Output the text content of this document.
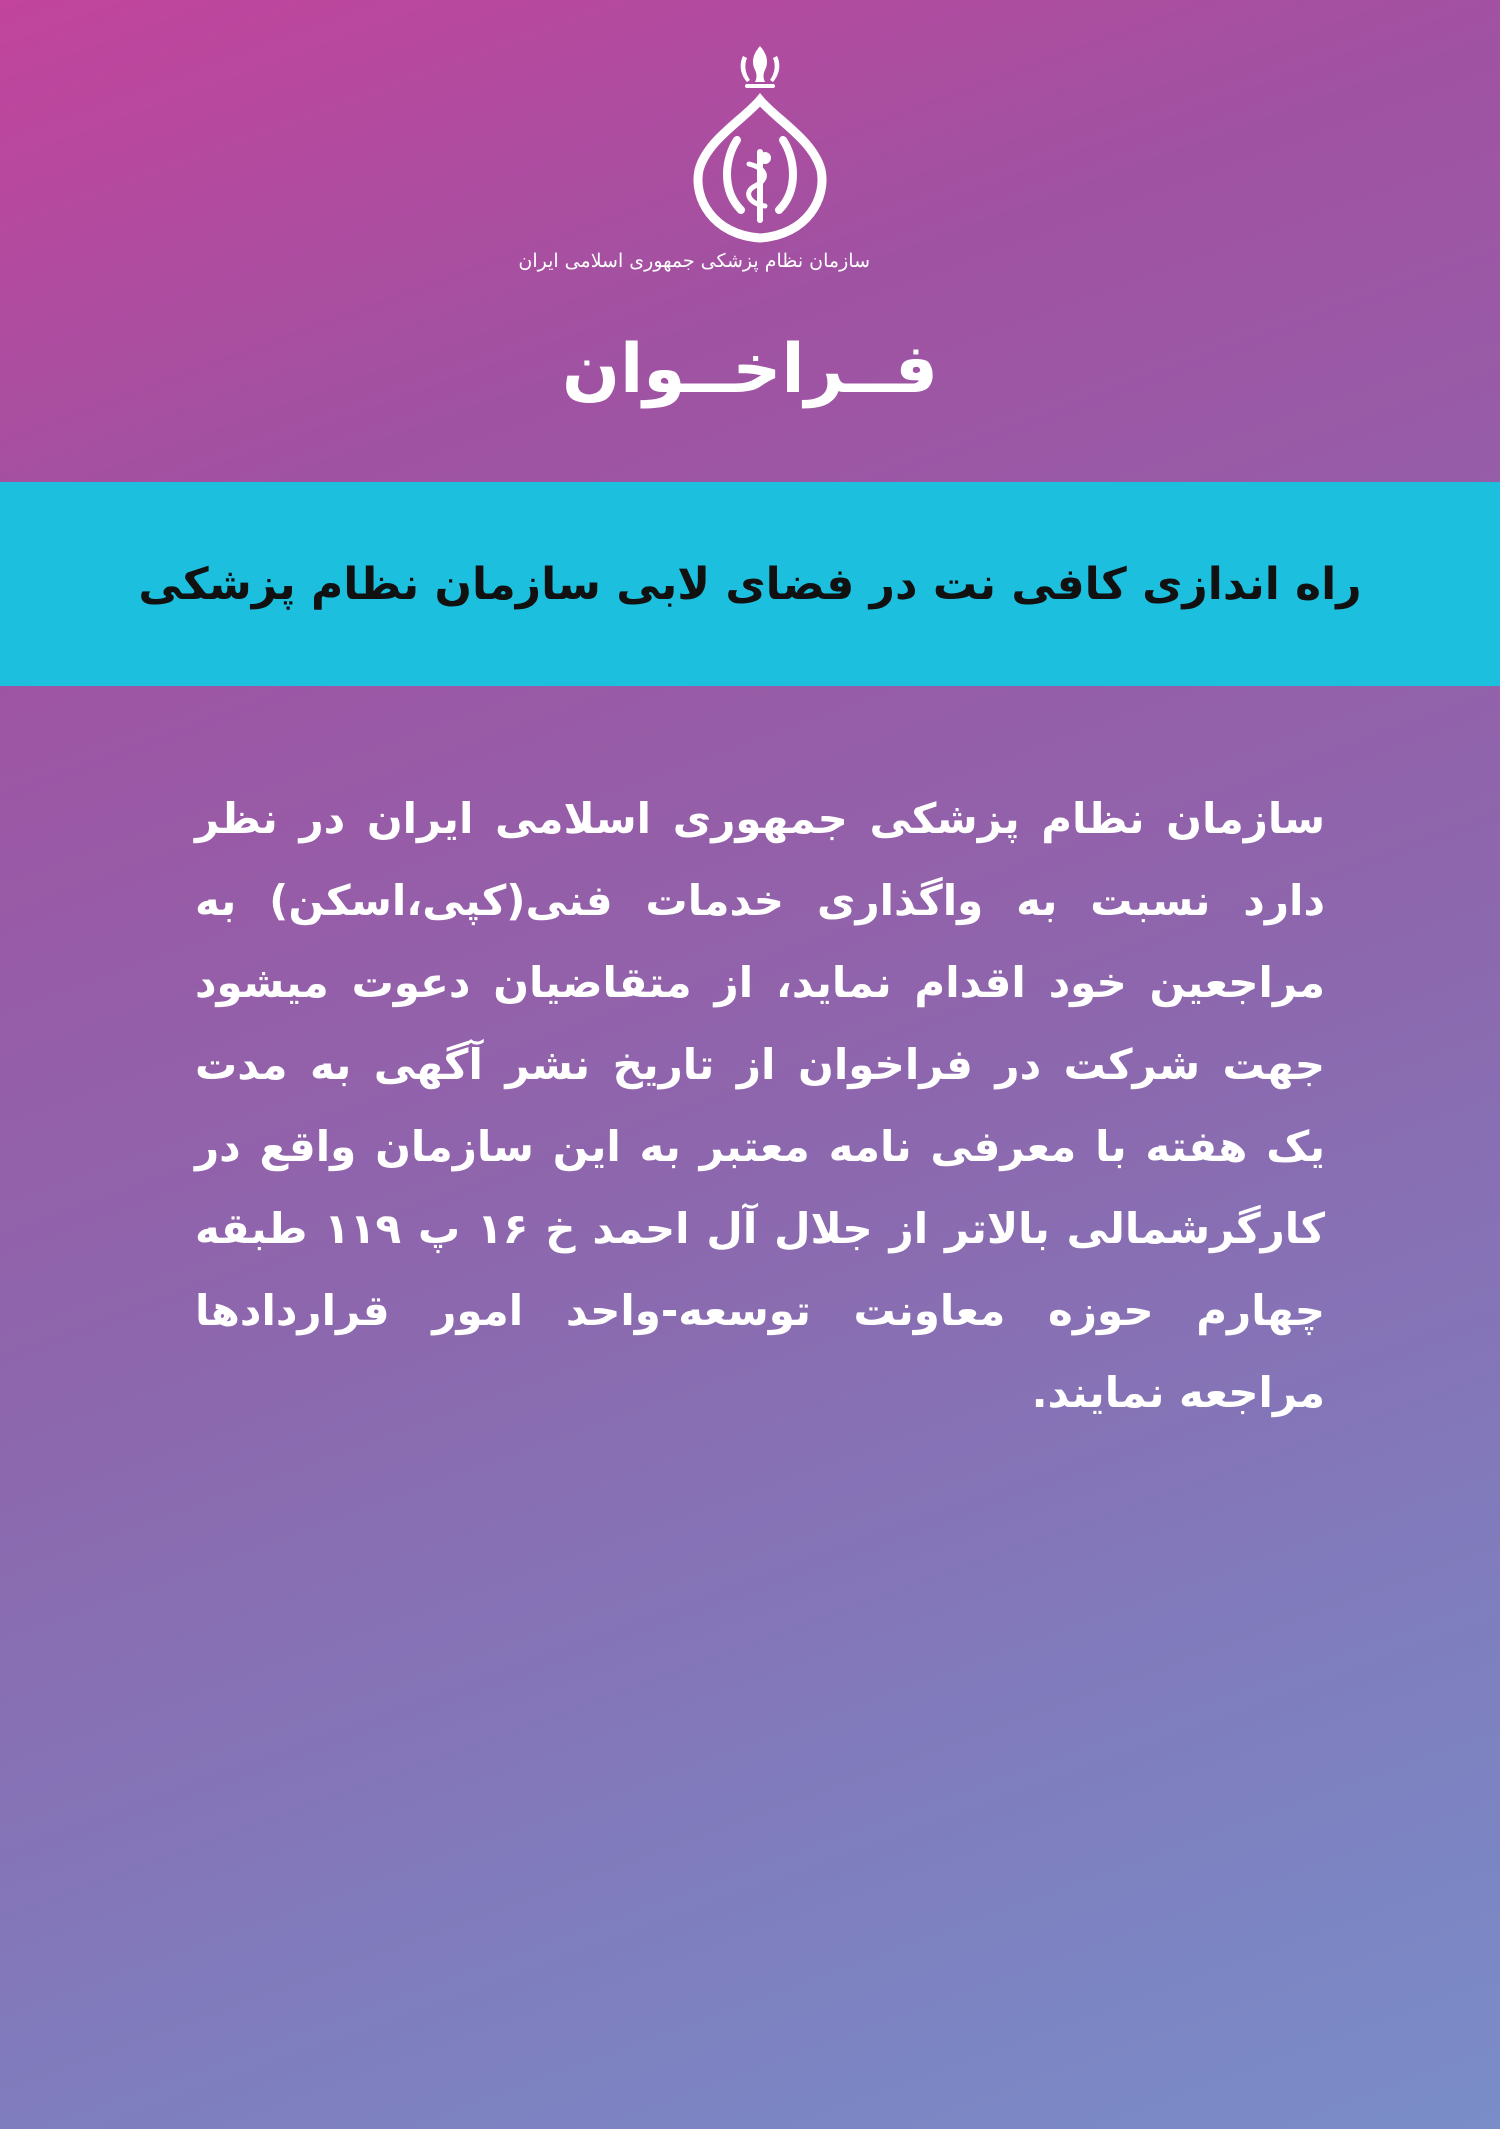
سازمان نظام پزشکی جمهوری اسلامی ایران
فــراخــوان
راه اندازی کافی نت در فضای لابی سازمان نظام پزشکی
سازمان نظام پزشکی جمهوری اسلامی ایران در نظر دارد نسبت به واگذاری خدمات فنی(کپی،اسکن) به مراجعین خود اقدام نماید، از متقاضیان دعوت میشود جهت شرکت در فراخوان از تاریخ نشر آگهی به مدت یک هفته با معرفی نامه معتبر به این سازمان واقع در کارگرشمالی بالاتر از جلال آل احمد خ ۱۶ پ ۱۱۹ طبقه چهارم حوزه معاونت توسعه-واحد امور قراردادها مراجعه نمایند.
